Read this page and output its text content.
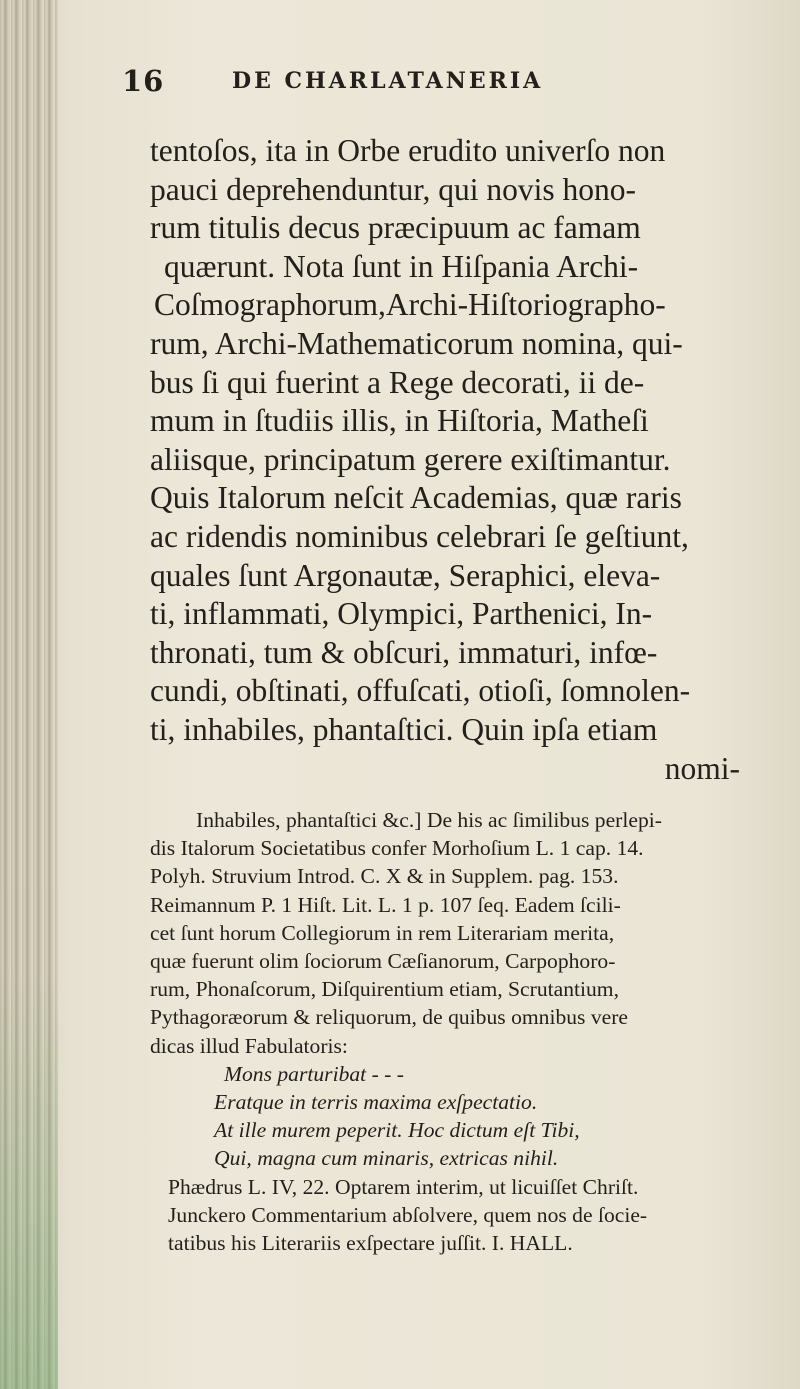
16	DE CHARLATANERIA
tentoſos, ita in Orbe erudito univerſo non
pauci deprehenduntur, qui novis hono-
rum titulis decus præcipuum ac famam
quærunt. Nota ſunt in Hiſpania Archi-
Coſmographorum,Archi-Hiſtoriographo-
rum, Archi-Mathematicorum nomina, qui-
bus ſi qui fuerint a Rege decorati, ii de-
mum in ſtudiis illis, in Hiſtoria, Matheſi
aliisque, principatum gerere exiſtimantur.
Quis Italorum neſcit Academias, quæ raris
ac ridendis nominibus celebrari ſe geſtiunt,
quales ſunt Argonautæ, Seraphici, eleva-
ti, inflammati, Olympici, Parthenici, In-
thronati, tum & obſcuri, immaturi, infœ-
cundi, obſtinati, offuſcati, otioſi, ſomnolen-
ti, inhabiles, phantaſtici. Quin ipſa etiam
nomi-
Inhabiles, phantaſtici &c.] De his ac ſimilibus perlepi-
dis Italorum Societatibus confer Morhoſium L. 1 cap. 14.
Polyh. Struvium Introd. C. X & in Supplem. pag. 153.
Reimannum P. 1 Hiſt. Lit. L. 1 p. 107 ſeq. Eadem ſcili-
cet ſunt horum Collegiorum in rem Literariam merita,
quæ fuerunt olim ſociorum Cæſianorum, Carpophoro-
rum, Phonaſcorum, Diſquirentium etiam, Scrutantium,
Pythagoræorum & reliquorum, de quibus omnibus vere
dicas illud Fabulatoris:
Mons parturibat - - -
Eratque in terris maxima exſpectatio.
At ille murem peperit. Hoc dictum eſt Tibi,
Qui, magna cum minaris, extricas nihil.
Phædrus L. IV, 22. Optarem interim, ut licuiſſet Chriſt.
Junckero Commentarium abſolvere, quem nos de ſocie-
tatibus his Literariis exſpectare juſſit. I. HALL.
